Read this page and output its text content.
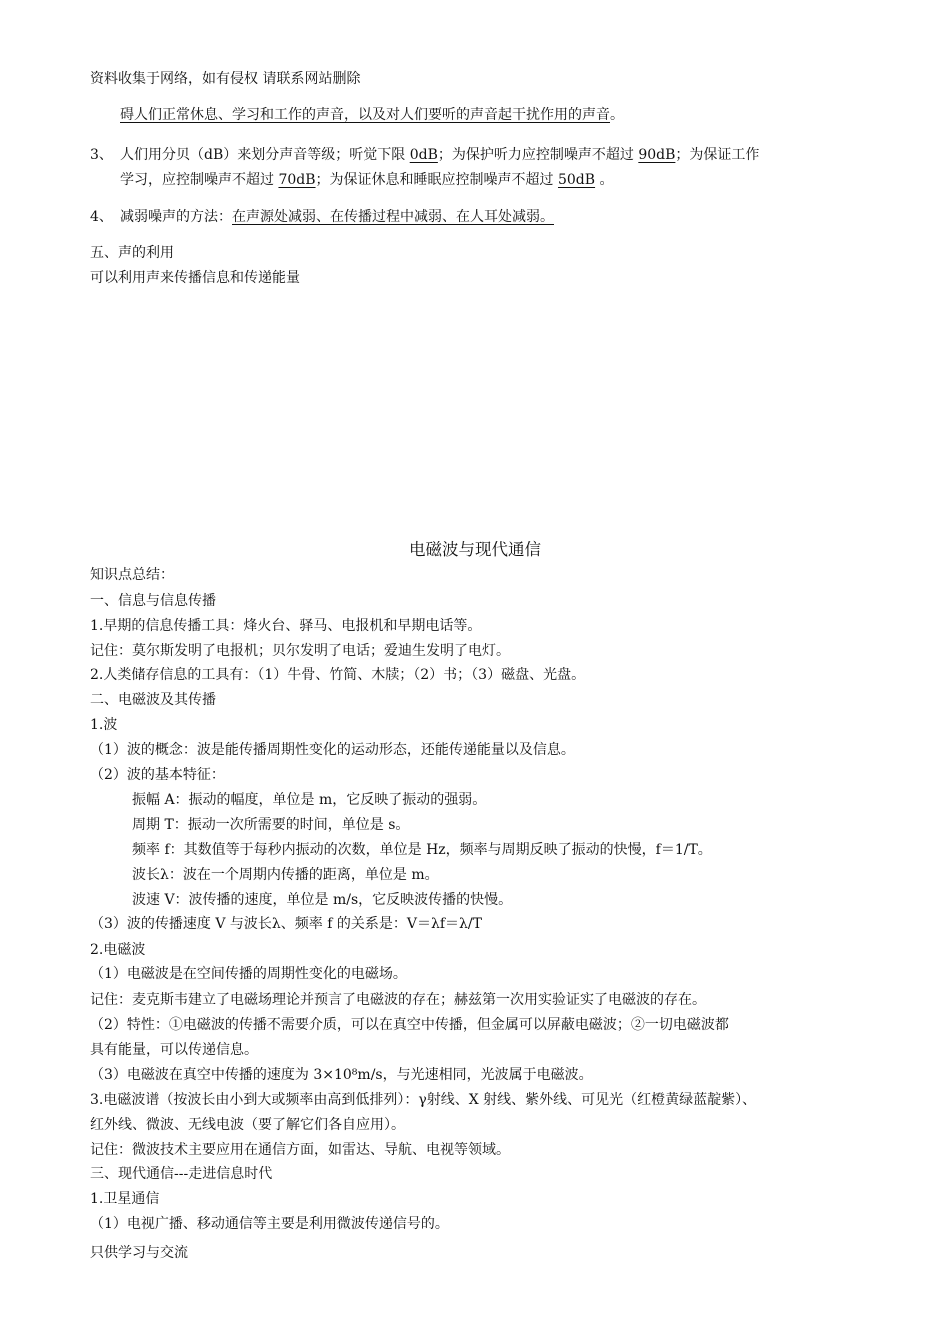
资料收集于网络，如有侵权 请联系网站删除
碍人们正常休息、学习和工作的声音，以及对人们要听的声音起干扰作用的声音。
3、 人们用分贝（dB）来划分声音等级；听觉下限 0dB；为保护听力应控制噪声不超过 90dB；为保证工作
学习，应控制噪声不超过 70dB；为保证休息和睡眠应控制噪声不超过 50dB 。
4、 减弱噪声的方法：在声源处减弱、在传播过程中减弱、在人耳处减弱。
五、声的利用
可以利用声来传播信息和传递能量
电磁波与现代通信
知识点总结：
一、信息与信息传播
1.早期的信息传播工具：烽火台、驿马、电报机和早期电话等。
记住：莫尔斯发明了电报机；贝尔发明了电话；爱迪生发明了电灯。
2.人类储存信息的工具有：（1）牛骨、竹简、木牍；（2）书；（3）磁盘、光盘。
二、电磁波及其传播
1.波
（1）波的概念：波是能传播周期性变化的运动形态，还能传递能量以及信息。
（2）波的基本特征：
振幅 A：振动的幅度，单位是 m，它反映了振动的强弱。
周期 T：振动一次所需要的时间，单位是 s。
频率 f：其数值等于每秒内振动的次数，单位是 Hz，频率与周期反映了振动的快慢，f＝1/T。
波长λ：波在一个周期内传播的距离，单位是 m。
波速 V：波传播的速度，单位是 m/s，它反映波传播的快慢。
（3）波的传播速度 V 与波长λ、频率 f 的关系是：V＝λf＝λ/T
2.电磁波
（1）电磁波是在空间传播的周期性变化的电磁场。
记住：麦克斯韦建立了电磁场理论并预言了电磁波的存在；赫兹第一次用实验证实了电磁波的存在。
（2）特性：①电磁波的传播不需要介质，可以在真空中传播，但金属可以屏蔽电磁波；②一切电磁波都
具有能量，可以传递信息。
（3）电磁波在真空中传播的速度为 3×10⁸m/s，与光速相同，光波属于电磁波。
3.电磁波谱（按波长由小到大或频率由高到低排列）：γ射线、X 射线、紫外线、可见光（红橙黄绿蓝靛紫）、
红外线、微波、无线电波（要了解它们各自应用）。
记住：微波技术主要应用在通信方面，如雷达、导航、电视等领域。
三、现代通信---走进信息时代
1.卫星通信
（1）电视广播、移动通信等主要是利用微波传递信号的。
只供学习与交流
